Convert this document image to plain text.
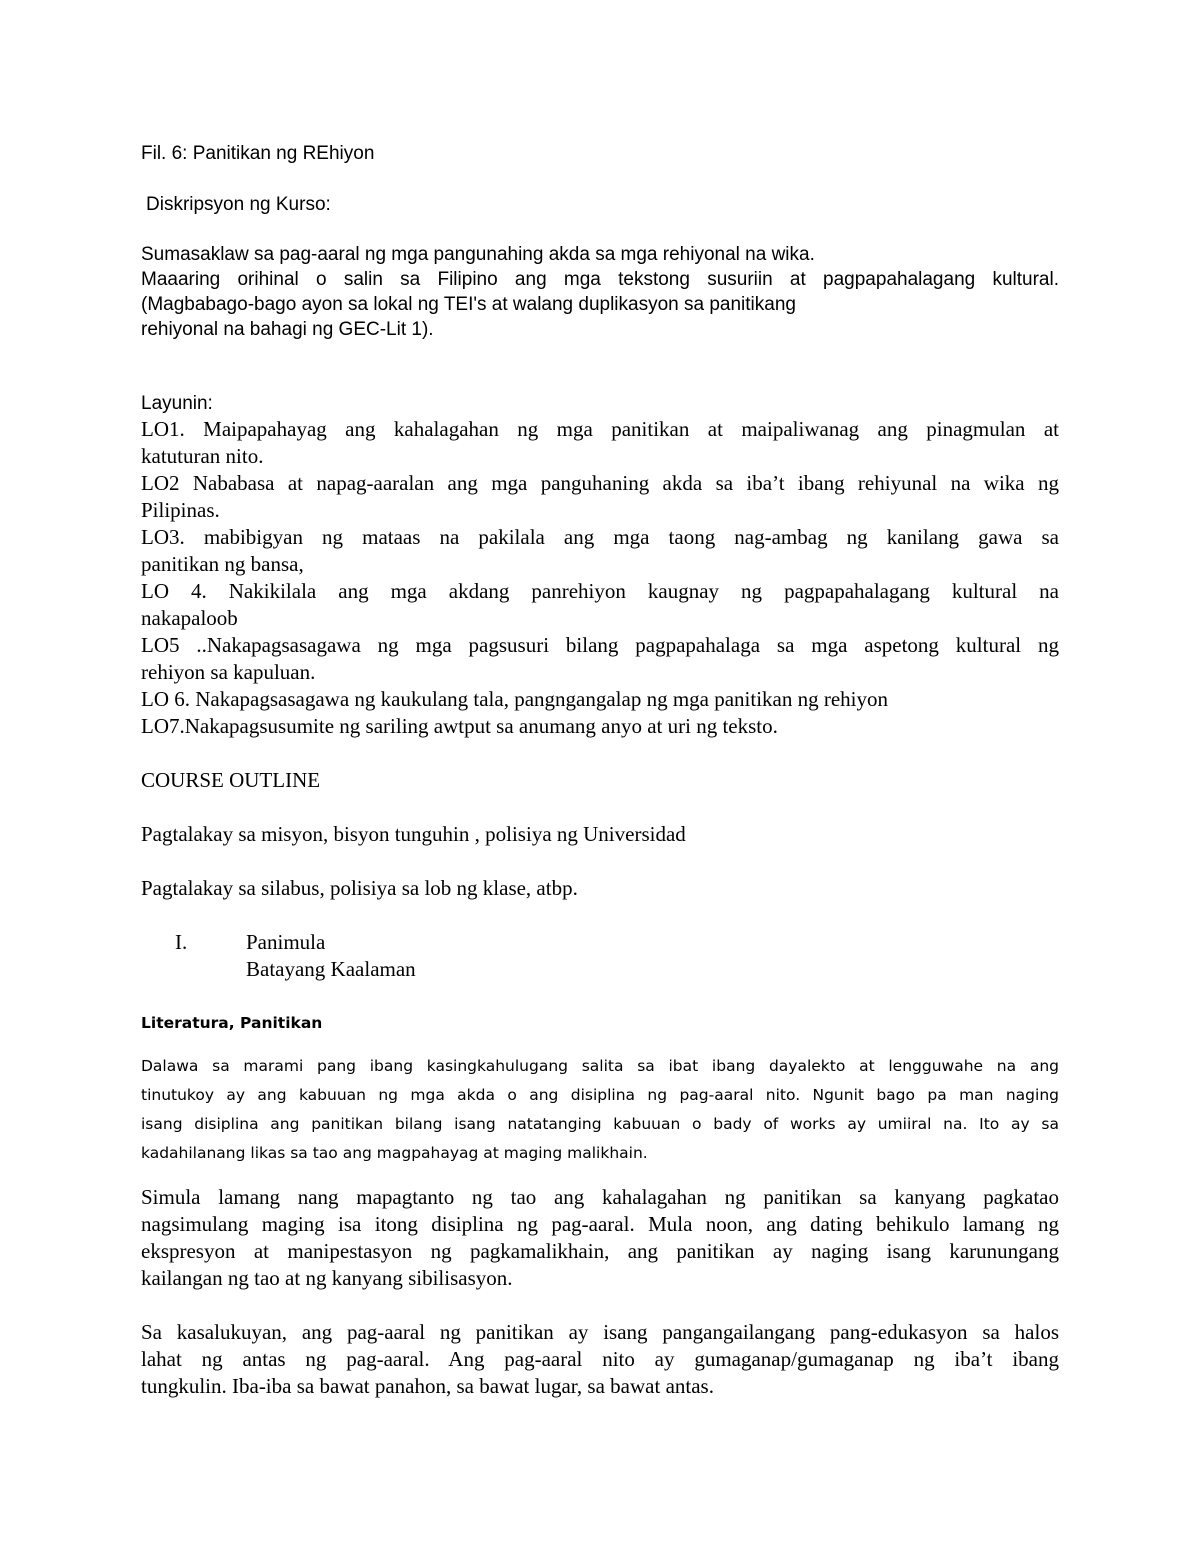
Fil. 6: Panitikan ng REhiyon
Diskripsyon ng Kurso:
Sumasaklaw sa pag-aaral ng mga pangunahing akda sa mga rehiyonal na wika.
Maaaring orihinal o salin sa Filipino ang mga tekstong susuriin at pagpapahalagang kultural.
(Magbabago-bago ayon sa lokal ng TEI's at walang duplikasyon sa panitikang
rehiyonal na bahagi ng GEC-Lit 1).
Layunin:
LO1. Maipapahayag ang kahalagahan ng mga panitikan at maipaliwanag ang pinagmulan at
katuturan nito.
LO2 Nababasa at napag-aaralan ang mga panguhaning akda sa iba’t ibang rehiyunal na wika ng
Pilipinas.
LO3. mabibigyan ng mataas na pakilala ang mga taong nag-ambag ng kanilang gawa sa
panitikan ng bansa,
LO 4. Nakikilala ang mga akdang panrehiyon kaugnay ng pagpapahalagang kultural na
nakapaloob
LO5 ..Nakapagsasagawa ng mga pagsusuri bilang pagpapahalaga sa mga aspetong kultural ng
rehiyon sa kapuluan.
LO 6. Nakapagsasagawa ng kaukulang tala, pangngangalap ng mga panitikan ng rehiyon
LO7.Nakapagsusumite ng sariling awtput sa anumang anyo at uri ng teksto.
COURSE OUTLINE
Pagtalakay sa misyon, bisyon tunguhin , polisiya ng Universidad
Pagtalakay sa silabus, polisiya sa lob ng klase, atbp.
I.	Panimula
Batayang Kaalaman
Literatura, Panitikan
Dalawa sa marami pang ibang kasingkahulugang salita sa ibat ibang dayalekto at lengguwahe na ang
tinutukoy ay ang kabuuan ng mga akda o ang disiplina ng pag-aaral nito. Ngunit bago pa man naging
isang disiplina ang panitikan bilang isang natatanging kabuuan o bady of works ay umiiral na. Ito ay sa
kadahilanang likas sa tao ang magpahayag at maging malikhain.
Simula lamang nang mapagtanto ng tao ang kahalagahan ng panitikan sa kanyang pagkatao
nagsimulang maging isa itong disiplina ng pag-aaral. Mula noon, ang dating behikulo lamang ng
ekspresyon at manipestasyon ng pagkamalikhain, ang panitikan ay naging isang karunungang
kailangan ng tao at ng kanyang sibilisasyon.
Sa kasalukuyan, ang pag-aaral ng panitikan ay isang pangangailangang pang-edukasyon sa halos
lahat ng antas ng pag-aaral. Ang pag-aaral nito ay gumaganap/gumaganap ng iba’t ibang
tungkulin. Iba-iba sa bawat panahon, sa bawat lugar, sa bawat antas.
